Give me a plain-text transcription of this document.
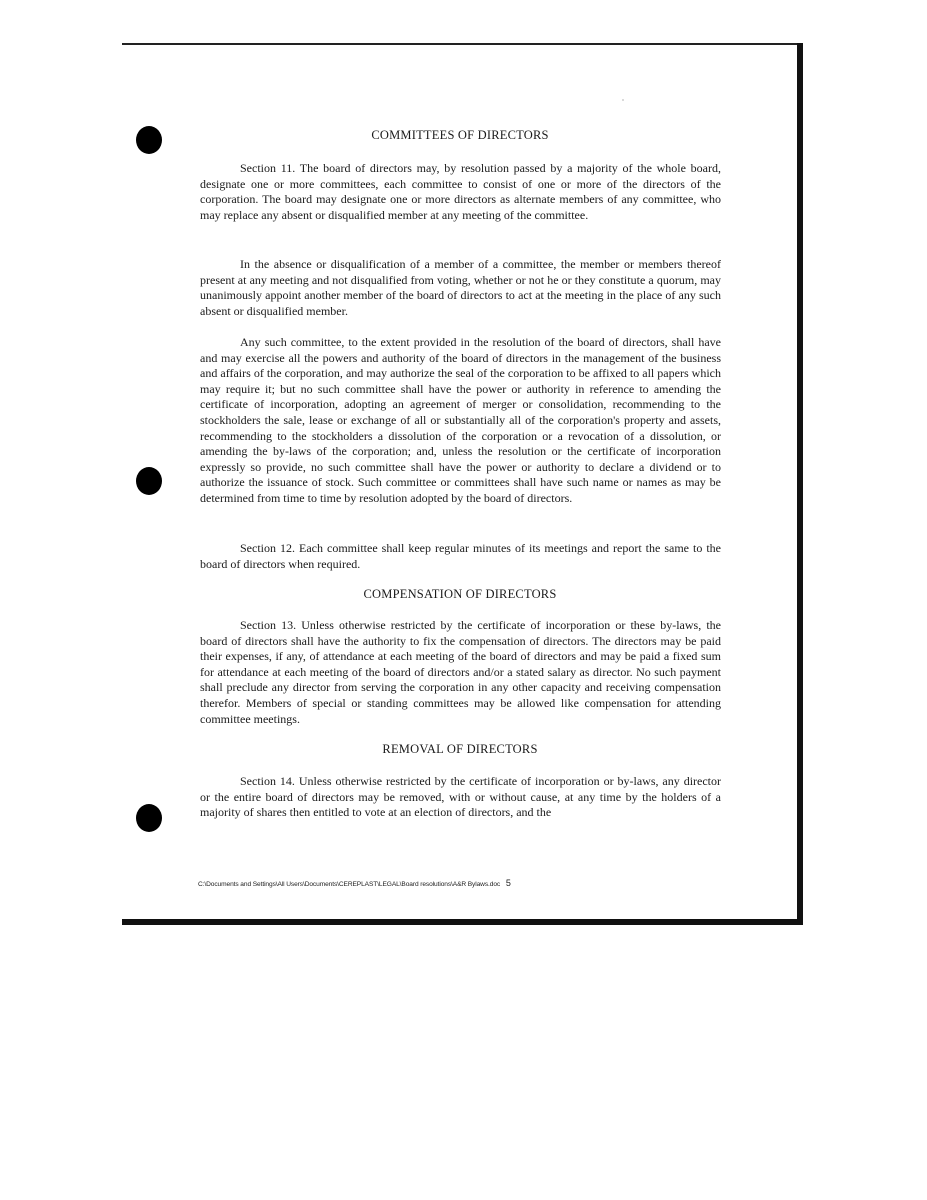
COMMITTEES OF DIRECTORS

Section 11. The board of directors may, by resolution passed by a majority of the whole board, designate one or more committees, each committee to consist of one or more of the directors of the corporation. The board may designate one or more directors as alternate members of any committee, who may replace any absent or disqualified member at any meeting of the committee.

In the absence or disqualification of a member of a committee, the member or members thereof present at any meeting and not disqualified from voting, whether or not he or they constitute a quorum, may unanimously appoint another member of the board of directors to act at the meeting in the place of any such absent or disqualified member.

Any such committee, to the extent provided in the resolution of the board of directors, shall have and may exercise all the powers and authority of the board of directors in the management of the business and affairs of the corporation, and may authorize the seal of the corporation to be affixed to all papers which may require it; but no such committee shall have the power or authority in reference to amending the certificate of incorporation, adopting an agreement of merger or consolidation, recommending to the stockholders the sale, lease or exchange of all or substantially all of the corporation's property and assets, recommending to the stockholders a dissolution of the corporation or a revocation of a dissolution, or amending the by-laws of the corporation; and, unless the resolution or the certificate of incorporation expressly so provide, no such committee shall have the power or authority to declare a dividend or to authorize the issuance of stock. Such committee or committees shall have such name or names as may be determined from time to time by resolution adopted by the board of directors.

Section 12. Each committee shall keep regular minutes of its meetings and report the same to the board of directors when required.

COMPENSATION OF DIRECTORS

Section 13. Unless otherwise restricted by the certificate of incorporation or these by-laws, the board of directors shall have the authority to fix the compensation of directors. The directors may be paid their expenses, if any, of attendance at each meeting of the board of directors and may be paid a fixed sum for attendance at each meeting of the board of directors and/or a stated salary as director. No such payment shall preclude any director from serving the corporation in any other capacity and receiving compensation therefor. Members of special or standing committees may be allowed like compensation for attending committee meetings.

REMOVAL OF DIRECTORS

Section 14. Unless otherwise restricted by the certificate of incorporation or by-laws, any director or the entire board of directors may be removed, with or without cause, at any time by the holders of a majority of shares then entitled to vote at an election of directors, and the

C:\Documents and Settings\All Users\Documents\CEREPLAST\LEGAL\Board resolutions\A&R Bylaws.doc 5
